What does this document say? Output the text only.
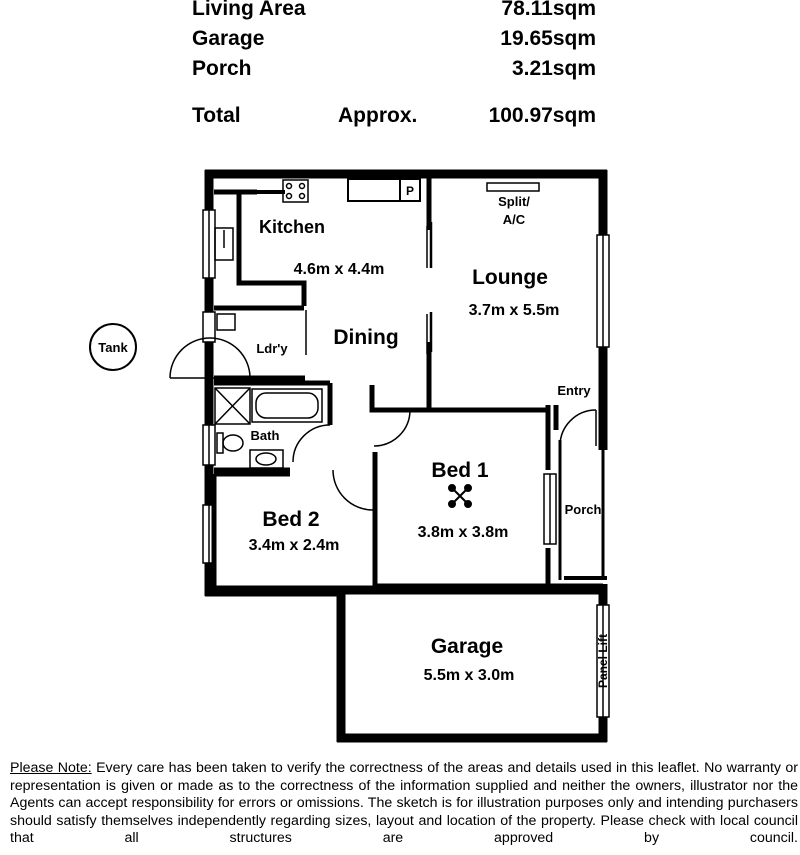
Living Area	78.11sqm
Garage	19.65sqm
Porch	3.21sqm
Total	Approx.	100.97sqm
Kitchen
4.6m x 4.4m
P
Dining
Ldr'y
Lounge
3.7m x 5.5m
Split/
A/C
Entry
Bath
Bed 1
3.8m x 3.8m
Bed 2
3.4m x 2.4m
Porch
Garage
5.5m x 3.0m	Panel Lift
Tank
Please Note: Every care has been taken to verify the correctness of the areas and details used in this leaflet. No warranty or representation is given or made as to the correctness of the information supplied and neither the owners, illustrator nor the Agents can accept responsibility for errors or omissions. The sketch is for illustration purposes only and intending purchasers should satisfy themselves independently regarding sizes, layout and location of the property. Please check with local council that all structures are approved by council.
